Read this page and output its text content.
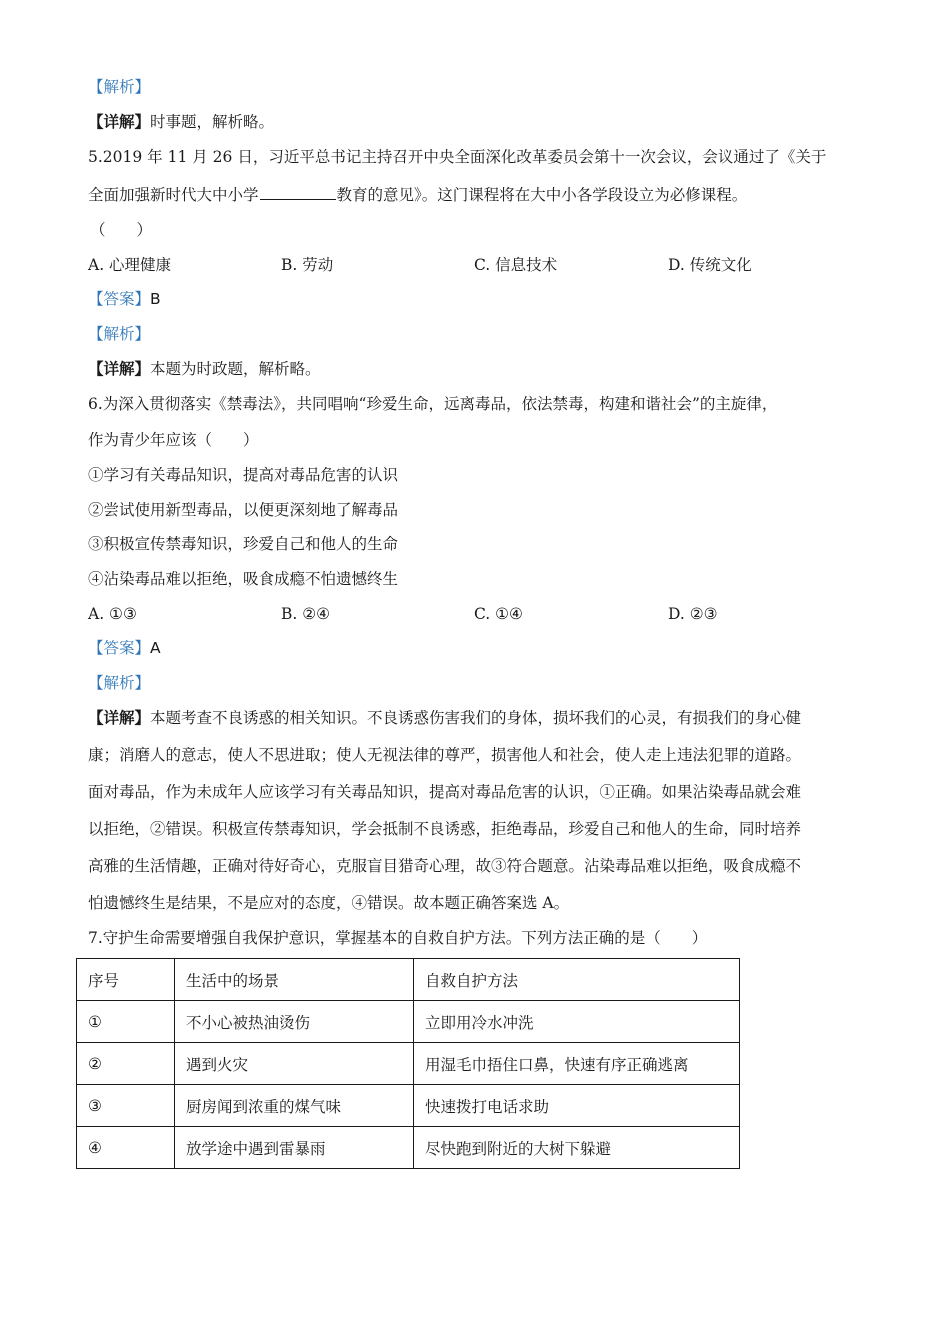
【解析】
【详解】时事题，解析略。
5.2019 年 11 月 26 日，习近平总书记主持召开中央全面深化改革委员会第十一次会议，会议通过了《关于
全面加强新时代大中小学	教育的意见》。这门课程将在大中小各学段设立为必修课程。
（　　）
A. 心理健康	B. 劳动	C. 信息技术	D. 传统文化
【答案】B
【解析】
【详解】本题为时政题，解析略。
6.为深入贯彻落实《禁毒法》，共同唱响“珍爱生命，远离毒品，依法禁毒，构建和谐社会”的主旋律，
作为青少年应该（　　）
①学习有关毒品知识，提高对毒品危害的认识
②尝试使用新型毒品，以便更深刻地了解毒品
③积极宣传禁毒知识，珍爱自己和他人的生命
④沾染毒品难以拒绝，吸食成瘾不怕遗憾终生
A. ①③	B. ②④	C. ①④	D. ②③
【答案】A
【解析】
【详解】本题考查不良诱惑的相关知识。不良诱惑伤害我们的身体，损坏我们的心灵，有损我们的身心健
康；消磨人的意志，使人不思进取；使人无视法律的尊严，损害他人和社会，使人走上违法犯罪的道路。
面对毒品，作为未成年人应该学习有关毒品知识，提高对毒品危害的认识，①正确。如果沾染毒品就会难
以拒绝，②错误。积极宣传禁毒知识，学会抵制不良诱惑，拒绝毒品，珍爱自己和他人的生命，同时培养
高雅的生活情趣，正确对待好奇心，克服盲目猎奇心理，故③符合题意。沾染毒品难以拒绝，吸食成瘾不
怕遗憾终生是结果，不是应对的态度，④错误。故本题正确答案选 A。
7.守护生命需要增强自我保护意识，掌握基本的自救自护方法。下列方法正确的是（　　）
序号	生活中的场景	自救自护方法
①	不小心被热油烫伤	立即用冷水冲洗
②	遇到火灾	用湿毛巾捂住口鼻，快速有序正确逃离
③	厨房闻到浓重的煤气味	快速拨打电话求助
④	放学途中遇到雷暴雨	尽快跑到附近的大树下躲避
